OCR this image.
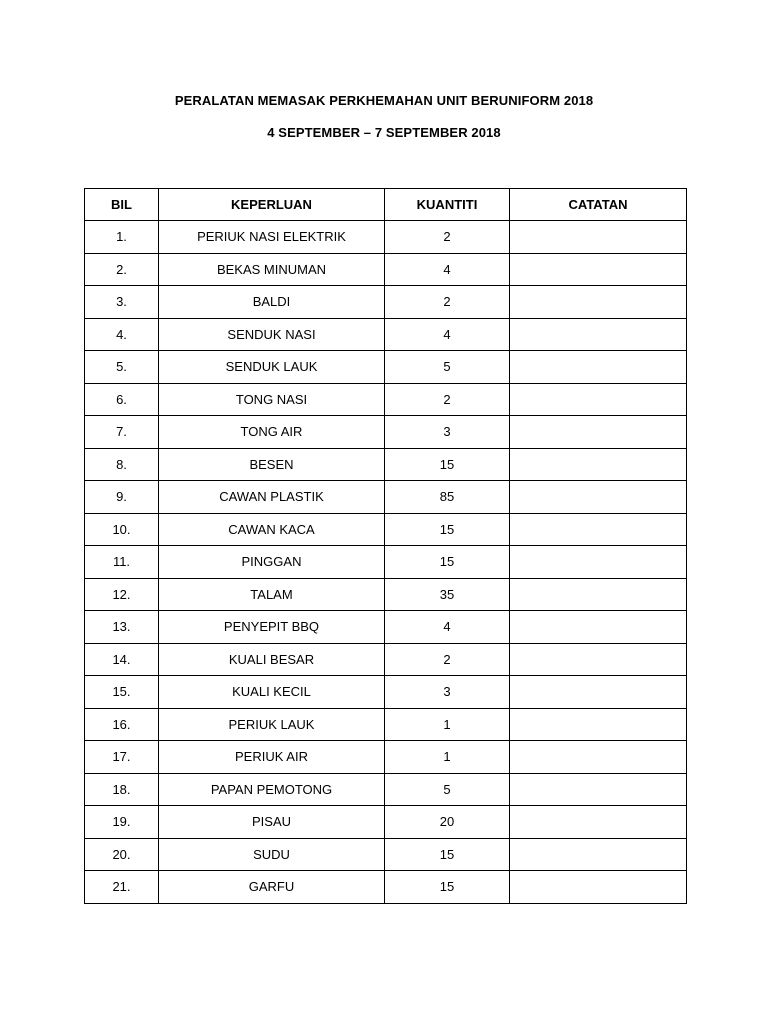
PERALATAN MEMASAK PERKHEMAHAN UNIT BERUNIFORM 2018
4 SEPTEMBER – 7 SEPTEMBER 2018
BIL	KEPERLUAN	KUANTITI	CATATAN
1.	PERIUK NASI ELEKTRIK	2	
2.	BEKAS MINUMAN	4	
3.	BALDI	2	
4.	SENDUK NASI	4	
5.	SENDUK LAUK	5	
6.	TONG NASI	2	
7.	TONG AIR	3	
8.	BESEN	15	
9.	CAWAN PLASTIK	85	
10.	CAWAN KACA	15	
11.	PINGGAN	15	
12.	TALAM	35	
13.	PENYEPIT BBQ	4	
14.	KUALI BESAR	2	
15.	KUALI KECIL	3	
16.	PERIUK LAUK	1	
17.	PERIUK AIR	1	
18.	PAPAN PEMOTONG	5	
19.	PISAU	20	
20.	SUDU	15	
21.	GARFU	15	
